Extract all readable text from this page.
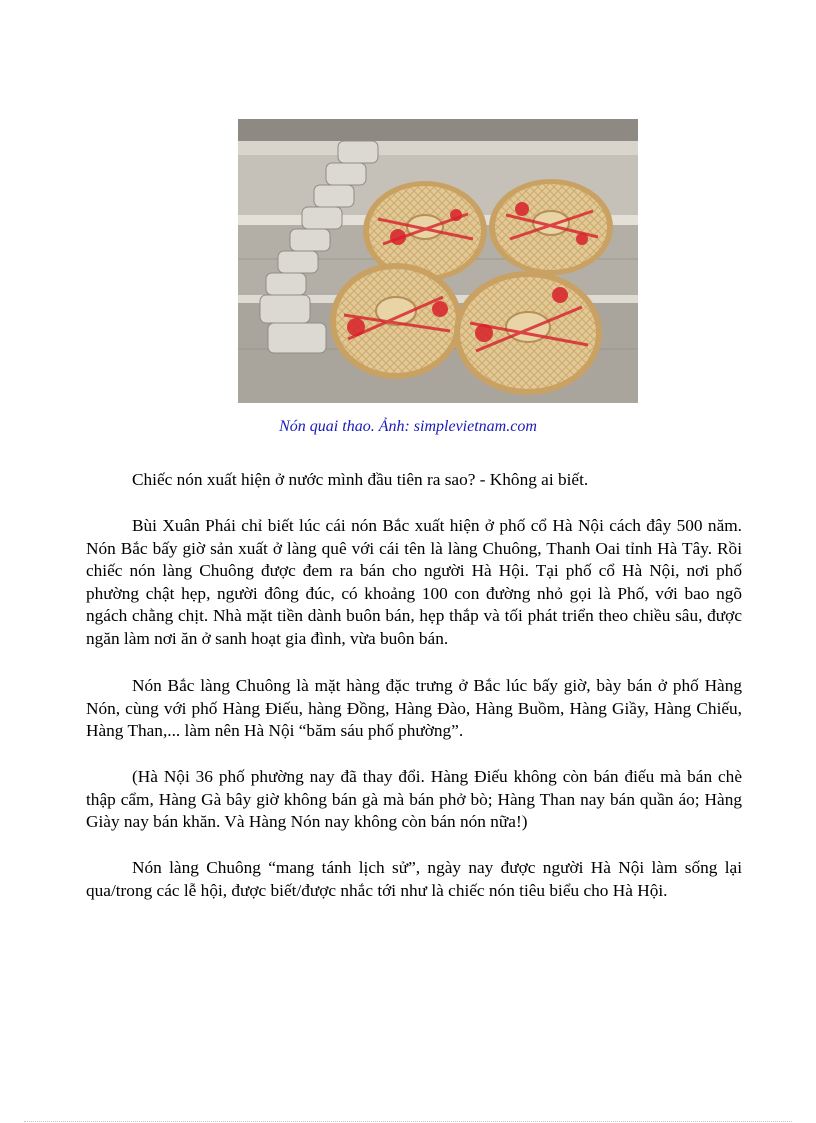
Nón quai thao. Ảnh: simplevietnam.com

Chiếc nón xuất hiện ở nước mình đầu tiên ra sao? - Không ai biết.

Bùi Xuân Phái chỉ biết lúc cái nón Bắc xuất hiện ở phố cổ Hà Nội cách đây 500 năm. Nón Bắc bấy giờ sản xuất ở làng quê với cái tên là làng Chuông, Thanh Oai tỉnh Hà Tây. Rồi chiếc nón làng Chuông được đem ra bán cho người Hà Hội. Tại phố cổ Hà Nội, nơi phố phường chật hẹp, người đông đúc, có khoảng 100 con đường nhỏ gọi là Phố, với bao ngõ ngách chằng chịt. Nhà mặt tiền dành buôn bán, hẹp thắp và tối phát triển theo chiều sâu, được ngăn làm nơi ăn ở sanh hoạt gia đình, vừa buôn bán.

Nón Bắc làng Chuông là mặt hàng đặc trưng ở Bắc lúc bấy giờ, bày bán ở phố Hàng Nón, cùng với phố Hàng Điếu, hàng Đồng, Hàng Đào, Hàng Buồm, Hàng Giầy, Hàng Chiếu, Hàng Than,... làm nên Hà Nội “băm sáu phố phường”.

(Hà Nội 36 phố phường nay đã thay đổi. Hàng Điếu không còn bán điếu mà bán chè thập cẩm, Hàng Gà bây giờ không bán gà mà bán phở bò; Hàng Than nay bán quần áo; Hàng Giày nay bán khăn. Và Hàng Nón nay không còn bán nón nữa!)

Nón làng Chuông “mang tánh lịch sử”, ngày nay được người Hà Nội làm sống lại qua/trong các lễ hội, được biết/được nhắc tới như là chiếc nón tiêu biểu cho Hà Hội.
